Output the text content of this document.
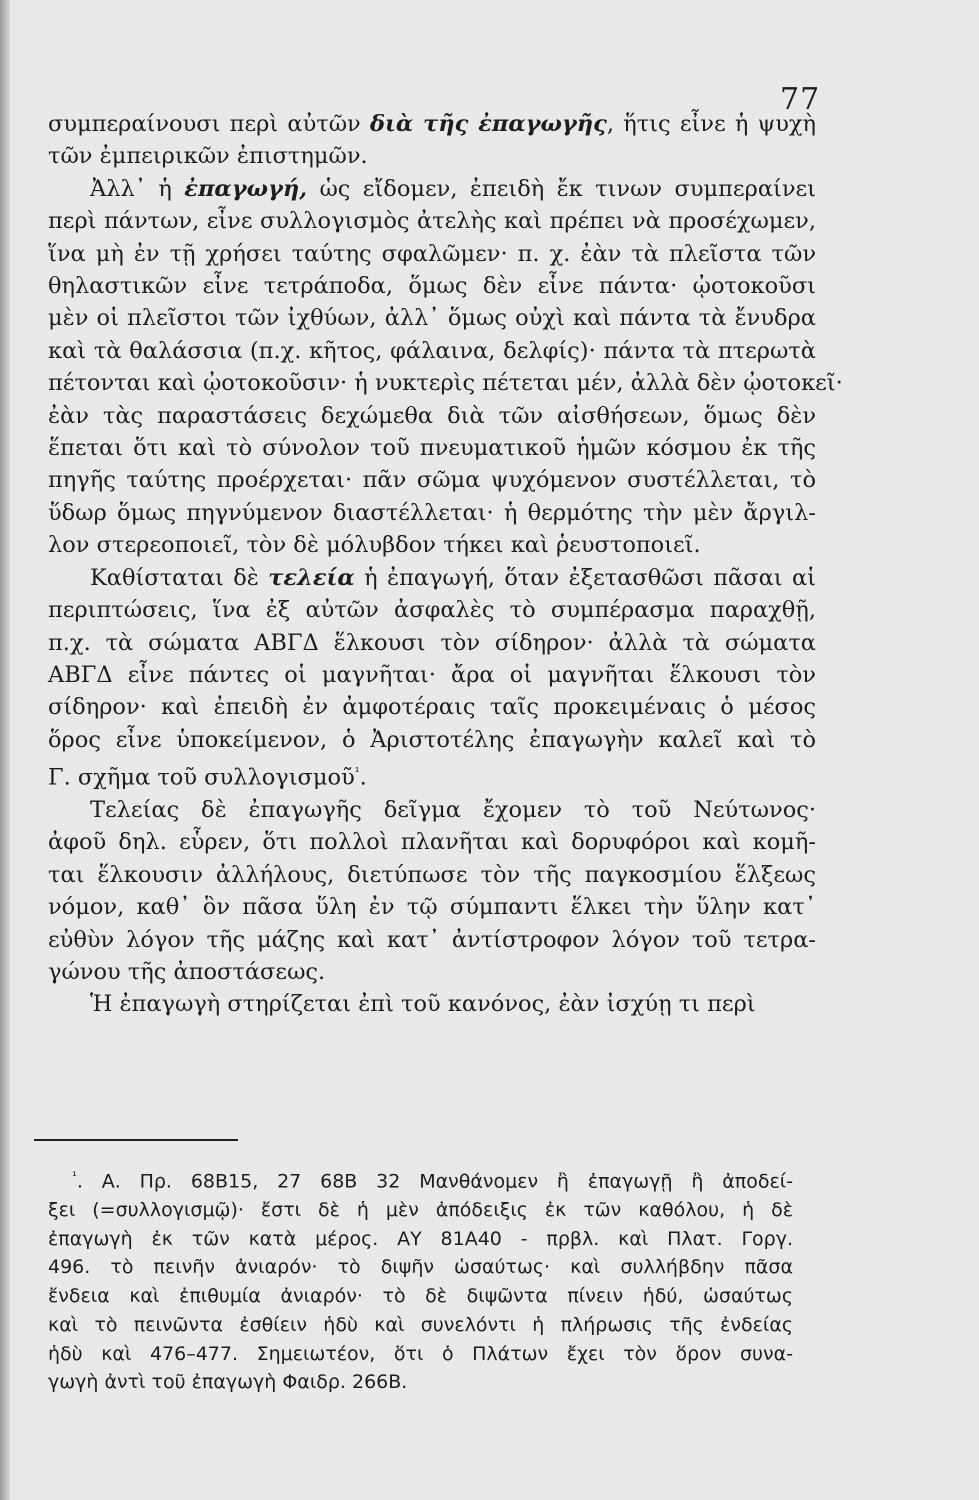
77
συμπεραίνουσι περὶ αὐτῶν διὰ τῆς ἐπαγωγῆς, ἥτις εἶνε ἡ ψυχὴ
τῶν ἐμπειρικῶν ἐπιστημῶν.
Ἀλλ᾽ ἡ ἐπαγωγή, ὡς εἴδομεν, ἐπειδὴ ἔκ τινων συμπεραίνει
περὶ πάντων, εἶνε συλλογισμὸς ἀτελὴς καὶ πρέπει νὰ προσέχωμεν,
ἵνα μὴ ἐν τῇ χρήσει ταύτης σφαλῶμεν· π. χ. ἐὰν τὰ πλεῖστα τῶν
θηλαστικῶν εἶνε τετράποδα, ὅμως δὲν εἶνε πάντα· ᾠοτοκοῦσι
μὲν οἱ πλεῖστοι τῶν ἰχθύων, ἀλλ᾽ ὅμως οὐχὶ καὶ πάντα τὰ ἔνυδρα
καὶ τὰ θαλάσσια (π.χ. κῆτος, φάλαινα, δελφίς)· πάντα τὰ πτερωτὰ
πέτονται καὶ ᾠοτοκοῦσιν· ἡ νυκτερὶς πέτεται μέν, ἀλλὰ δὲν ᾠοτοκεῖ·
ἐὰν τὰς παραστάσεις δεχώμεθα διὰ τῶν αἰσθήσεων, ὅμως δὲν
ἕπεται ὅτι καὶ τὸ σύνολον τοῦ πνευματικοῦ ἡμῶν κόσμου ἐκ τῆς
πηγῆς ταύτης προέρχεται· πᾶν σῶμα ψυχόμενον συστέλλεται, τὸ
ὕδωρ ὅμως πηγνύμενον διαστέλλεται· ἡ θερμότης τὴν μὲν ἄργιλ-
λον στερεοποιεῖ, τὸν δὲ μόλυβδον τήκει καὶ ῥευστοποιεῖ.
Καθίσταται δὲ τελεία ἡ ἐπαγωγή, ὅταν ἐξετασθῶσι πᾶσαι αἱ
περιπτώσεις, ἵνα ἐξ αὐτῶν ἀσφαλὲς τὸ συμπέρασμα παραχθῇ,
π.χ. τὰ σώματα ΑΒΓΔ ἕλκουσι τὸν σίδηρον· ἀλλὰ τὰ σώματα
ΑΒΓΔ εἶνε πάντες οἱ μαγνῆται· ἄρα οἱ μαγνῆται ἕλκουσι τὸν
σίδηρον· καὶ ἐπειδὴ ἐν ἀμφοτέραις ταῖς προκειμέναις ὁ μέσος
ὅρος εἶνε ὑποκείμενον, ὁ Ἀριστοτέλης ἐπαγωγὴν καλεῖ καὶ τὸ
Γ. σχῆμα τοῦ συλλογισμοῦ$^{^1}$.
Τελείας δὲ ἐπαγωγῆς δεῖγμα ἔχομεν τὸ τοῦ Νεύτωνος·
ἀφοῦ δηλ. εὗρεν, ὅτι πολλοὶ πλανῆται καὶ δορυφόροι καὶ κομῆ-
ται ἕλκουσιν ἀλλήλους, διετύπωσε τὸν τῆς παγκοσμίου ἕλξεως
νόμον, καθ᾽ ὃν πᾶσα ὕλη ἐν τῷ σύμπαντι ἕλκει τὴν ὕλην κατ᾽
εὐθὺν λόγον τῆς μάζης καὶ κατ᾽ ἀντίστροφον λόγον τοῦ τετρα-
γώνου τῆς ἀποστάσεως.
Ἡ ἐπαγωγὴ στηρίζεται ἐπὶ τοῦ κανόνος, ἐὰν ἰσχύῃ τι περὶ
$^{^1}$. Α. Πρ. 68Β15, 27 68Β 32 Μανθάνομεν ἢ ἐπαγωγῇ ἢ ἀποδεί-
ξει (=συλλογισμῷ)· ἔστι δὲ ἡ μὲν ἀπόδειξις ἐκ τῶν καθόλου, ἡ δὲ
ἐπαγωγὴ ἐκ τῶν κατὰ μέρος. ΑΥ 81Α40 - πρβλ. καὶ Πλατ. Γοργ.
496. τὸ πεινῆν ἀνιαρόν· τὸ διψῆν ὡσαύτως· καὶ συλλήβδην πᾶσα
ἔνδεια καὶ ἐπιθυμία ἀνιαρόν· τὸ δὲ διψῶντα πίνειν ἡδύ, ὡσαύτως
καὶ τὸ πεινῶντα ἐσθίειν ἡδὺ καὶ συνελόντι ἡ πλήρωσις τῆς ἐνδείας
ἡδὺ καὶ 476–477. Σημειωτέον, ὅτι ὁ Πλάτων ἔχει τὸν ὅρον συνα-
γωγὴ ἀντὶ τοῦ ἐπαγωγὴ Φαιδρ. 266Β.
